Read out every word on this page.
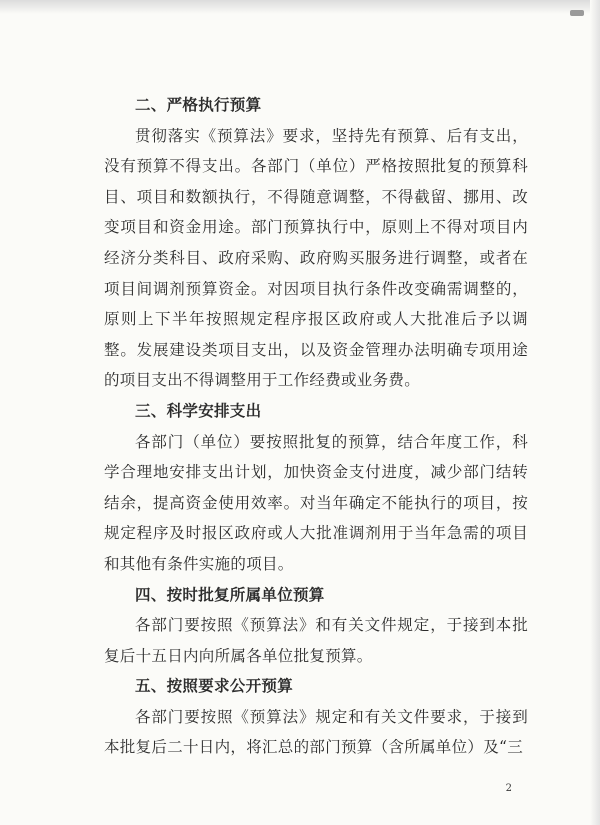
二、严格执行预算

贯彻落实《预算法》要求，坚持先有预算、后有支出，没有预算不得支出。各部门（单位）严格按照批复的预算科目、项目和数额执行，不得随意调整，不得截留、挪用、改变项目和资金用途。部门预算执行中，原则上不得对项目内经济分类科目、政府采购、政府购买服务进行调整，或者在项目间调剂预算资金。对因项目执行条件改变确需调整的，原则上下半年按照规定程序报区政府或人大批准后予以调整。发展建设类项目支出，以及资金管理办法明确专项用途的项目支出不得调整用于工作经费或业务费。

三、科学安排支出

各部门（单位）要按照批复的预算，结合年度工作，科学合理地安排支出计划，加快资金支付进度，减少部门结转结余，提高资金使用效率。对当年确定不能执行的项目，按规定程序及时报区政府或人大批准调剂用于当年急需的项目和其他有条件实施的项目。

四、按时批复所属单位预算

各部门要按照《预算法》和有关文件规定，于接到本批复后十五日内向所属各单位批复预算。

五、按照要求公开预算

各部门要按照《预算法》规定和有关文件要求，于接到本批复后二十日内，将汇总的部门预算（含所属单位）及“三

2
